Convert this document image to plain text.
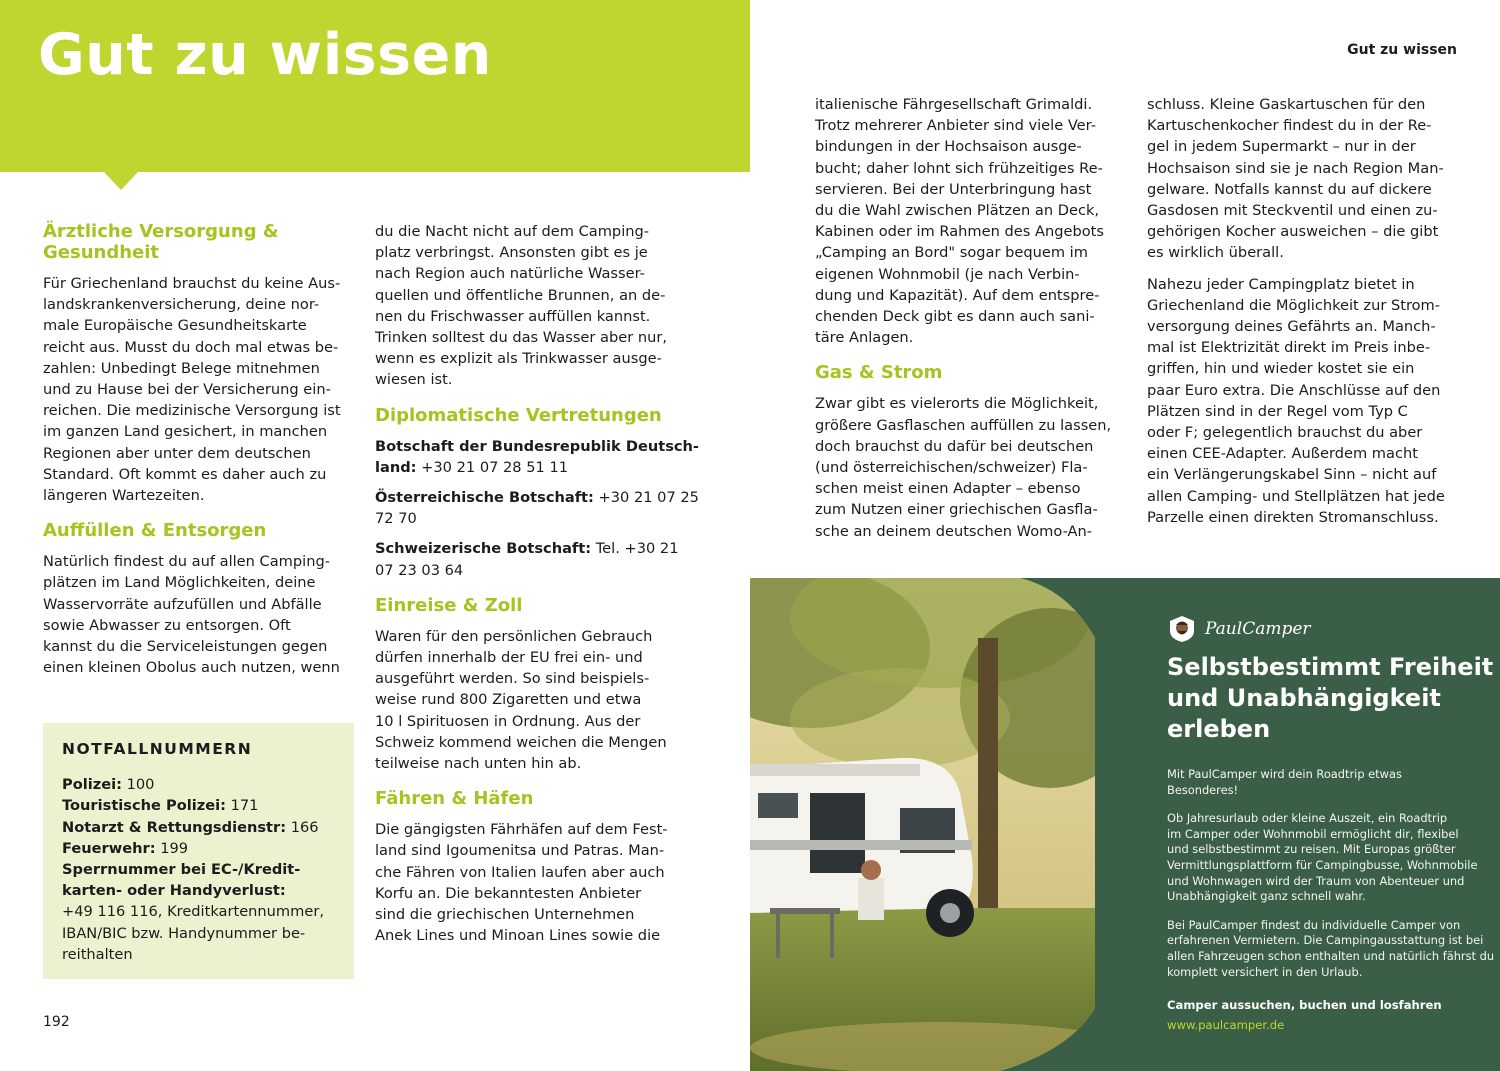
Gut zu wissen	Gut zu wissen
Ärztliche Versorgung &
Gesundheit

Für Griechenland brauchst du keine Aus-
landskrankenversicherung, deine nor-
male Europäische Gesundheitskarte
reicht aus. Musst du doch mal etwas be-
zahlen: Unbedingt Belege mitnehmen
und zu Hause bei der Versicherung ein-
reichen. Die medizinische Versorgung ist
im ganzen Land gesichert, in manchen
Regionen aber unter dem deutschen
Standard. Oft kommt es daher auch zu
längeren Wartezeiten.

Auffüllen & Entsorgen

Natürlich findest du auf allen Camping-
plätzen im Land Möglichkeiten, deine
Wasservorräte aufzufüllen und Abfälle
sowie Abwasser zu entsorgen. Oft
kannst du die Serviceleistungen gegen
einen kleinen Obolus auch nutzen, wenn

NOTFALLNUMMERN
Polizei: 100
Touristische Polizei: 171
Notarzt & Rettungsdienstr: 166
Feuerwehr: 199
Sperrnummer bei EC-/Kredit-
karten- oder Handyverlust:
+49 116 116, Kreditkartennummer,
IBAN/BIC bzw. Handynummer be-
reithalten
192

du die Nacht nicht auf dem Camping-
platz verbringst. Ansonsten gibt es je
nach Region auch natürliche Wasser-
quellen und öffentliche Brunnen, an de-
nen du Frischwasser auffüllen kannst.
Trinken solltest du das Wasser aber nur,
wenn es explizit als Trinkwasser ausge-
wiesen ist.

Diplomatische Vertretungen

Botschaft der Bundesrepublik Deutsch-
land: +30 21 07 28 51 11

Österreichische Botschaft: +30 21 07 25
72 70

Schweizerische Botschaft: Tel. +30 21
07 23 03 64

Einreise & Zoll

Waren für den persönlichen Gebrauch
dürfen innerhalb der EU frei ein- und
ausgeführt werden. So sind beispiels-
weise rund 800 Zigaretten und etwa
10 l Spirituosen in Ordnung. Aus der
Schweiz kommend weichen die Mengen
teilweise nach unten hin ab.

Fähren & Häfen

Die gängigsten Fährhäfen auf dem Fest-
land sind Igoumenitsa und Patras. Man-
che Fähren von Italien laufen aber auch
Korfu an. Die bekanntesten Anbieter
sind die griechischen Unternehmen
Anek Lines und Minoan Lines sowie die

italienische Fährgesellschaft Grimaldi.
Trotz mehrerer Anbieter sind viele Ver-
bindungen in der Hochsaison ausge-
bucht; daher lohnt sich frühzeitiges Re-
servieren. Bei der Unterbringung hast
du die Wahl zwischen Plätzen an Deck,
Kabinen oder im Rahmen des Angebots
„Camping an Bord" sogar bequem im
eigenen Wohnmobil (je nach Verbin-
dung und Kapazität). Auf dem entspre-
chenden Deck gibt es dann auch sani-
täre Anlagen.

Gas & Strom

Zwar gibt es vielerorts die Möglichkeit,
größere Gasflaschen auffüllen zu lassen,
doch brauchst du dafür bei deutschen
(und österreichischen/schweizer) Fla-
schen meist einen Adapter – ebenso
zum Nutzen einer griechischen Gasfla-
sche an deinem deutschen Womo-An-

schluss. Kleine Gaskartuschen für den
Kartuschenkocher findest du in der Re-
gel in jedem Supermarkt – nur in der
Hochsaison sind sie je nach Region Man-
gelware. Notfalls kannst du auf dickere
Gasdosen mit Steckventil und einen zu-
gehörigen Kocher ausweichen – die gibt
es wirklich überall.

Nahezu jeder Campingplatz bietet in
Griechenland die Möglichkeit zur Strom-
versorgung deines Gefährts an. Manch-
mal ist Elektrizität direkt im Preis inbe-
griffen, hin und wieder kostet sie ein
paar Euro extra. Die Anschlüsse auf den
Plätzen sind in der Regel vom Typ C
oder F; gelegentlich brauchst du aber
einen CEE-Adapter. Außerdem macht
ein Verlängerungskabel Sinn – nicht auf
allen Camping- und Stellplätzen hat jede
Parzelle einen direkten Stromanschluss.

PaulCamper
Selbstbestimmt Freiheit
und Unabhängigkeit
erleben

Mit PaulCamper wird dein Roadtrip etwas Besonderes!

Ob Jahresurlaub oder kleine Auszeit, ein Roadtrip
im Camper oder Wohnmobil ermöglicht dir, flexibel
und selbstbestimmt zu reisen. Mit Europas größter
Vermittlungsplattform für Campingbusse, Wohnmobile
und Wohnwagen wird der Traum von Abenteuer und
Unabhängigkeit ganz schnell wahr.

Bei PaulCamper findest du individuelle Camper von
erfahrenen Vermietern. Die Campingausstattung ist bei
allen Fahrzeugen schon enthalten und natürlich fährst du
komplett versichert in den Urlaub.

Camper aussuchen, buchen und losfahren
www.paulcamper.de
